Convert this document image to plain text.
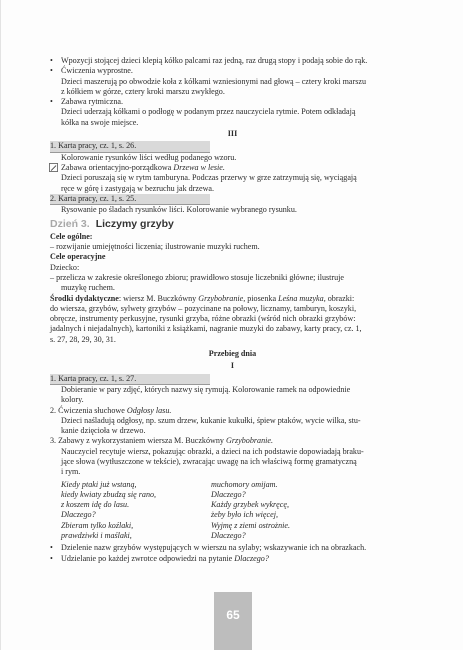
• Wpozycji stojącej dzieci klepią kółko palcami raz jedną, raz drugą stopy i podają sobie do rąk.
• Ćwiczenia wyprostne.
Dzieci maszerują po obwodzie koła z kółkami wzniesionymi nad głową – cztery kroki marszu
z kółkiem w górze, cztery kroki marszu zwykłego.
• Zabawa rytmiczna.
Dzieci uderzają kółkami o podłogę w podanym przez nauczyciela rytmie. Potem odkładają
kółka na swoje miejsce.
III
1. Karta pracy, cz. 1, s. 26.
Kolorowanie rysunków liści według podanego wzoru.
Zabawa orientacyjno-porządkowa Drzewa w lesie.
Dzieci poruszają się w rytm tamburyna. Podczas przerwy w grze zatrzymują się, wyciągają
ręce w górę i zastygają w bezruchu jak drzewa.
2. Karta pracy, cz. 1, s. 25.
Rysowanie po śladach rysunków liści. Kolorowanie wybranego rysunku.
Dzień 3. Liczymy grzyby
Cele ogólne:
– rozwijanie umiejętności liczenia; ilustrowanie muzyki ruchem.
Cele operacyjne
Dziecko:
– przelicza w zakresie określonego zbioru; prawidłowo stosuje liczebniki główne; ilustruje
muzykę ruchem.
Środki dydaktyczne: wiersz M. Buczkówny Grzybobranie, piosenka Leśna muzyka, obrazki:
do wiersza, grzybów, sylwety grzybów – pozycinane na połowy, licznamy, tamburyn, koszyki,
obręcze, instrumenty perkusyjne, rysunki grzyba, różne obrazki (wśród nich obrazki grzybów:
jadalnych i niejadalnych), kartoniki z książkami, nagranie muzyki do zabawy, karty pracy, cz. 1,
s. 27, 28, 29, 30, 31.
Przebieg dnia
I
1. Karta pracy, cz. 1, s. 27.
Dobieranie w pary zdjęć, których nazwy się rymują. Kolorowanie ramek na odpowiednie
kolory.
2. Ćwiczenia słuchowe Odgłosy lasu.
Dzieci naśladują odgłosy, np. szum drzew, kukanie kukułki, śpiew ptaków, wycie wilka, stu-
kanie dzięcioła w drzewo.
3. Zabawy z wykorzystaniem wiersza M. Buczkówny Grzybobranie.
Nauczyciel recytuje wiersz, pokazując obrazki, a dzieci na ich podstawie dopowiadają braku-
jące słowa (wytłuszczone w tekście), zwracając uwagę na ich właściwą formę gramatyczną
i rym.
Kiedy ptaki już wstaną,
kiedy kwiaty zbudzą się rano,
z koszem idę do lasu.
Dlaczego?
Zbieram tylko koźlaki,
prawdziwki i maślaki,
muchomory omijam.
Dlaczego?
Każdy grzybek wykręcę,
żeby było ich więcej,
Wyjmę z ziemi ostrożnie.
Dlaczego?
• Dzielenie nazw grzybów występujących w wierszu na sylaby; wskazywanie ich na obrazkach.
• Udzielanie po każdej zwrotce odpowiedzi na pytanie Dlaczego?
65
